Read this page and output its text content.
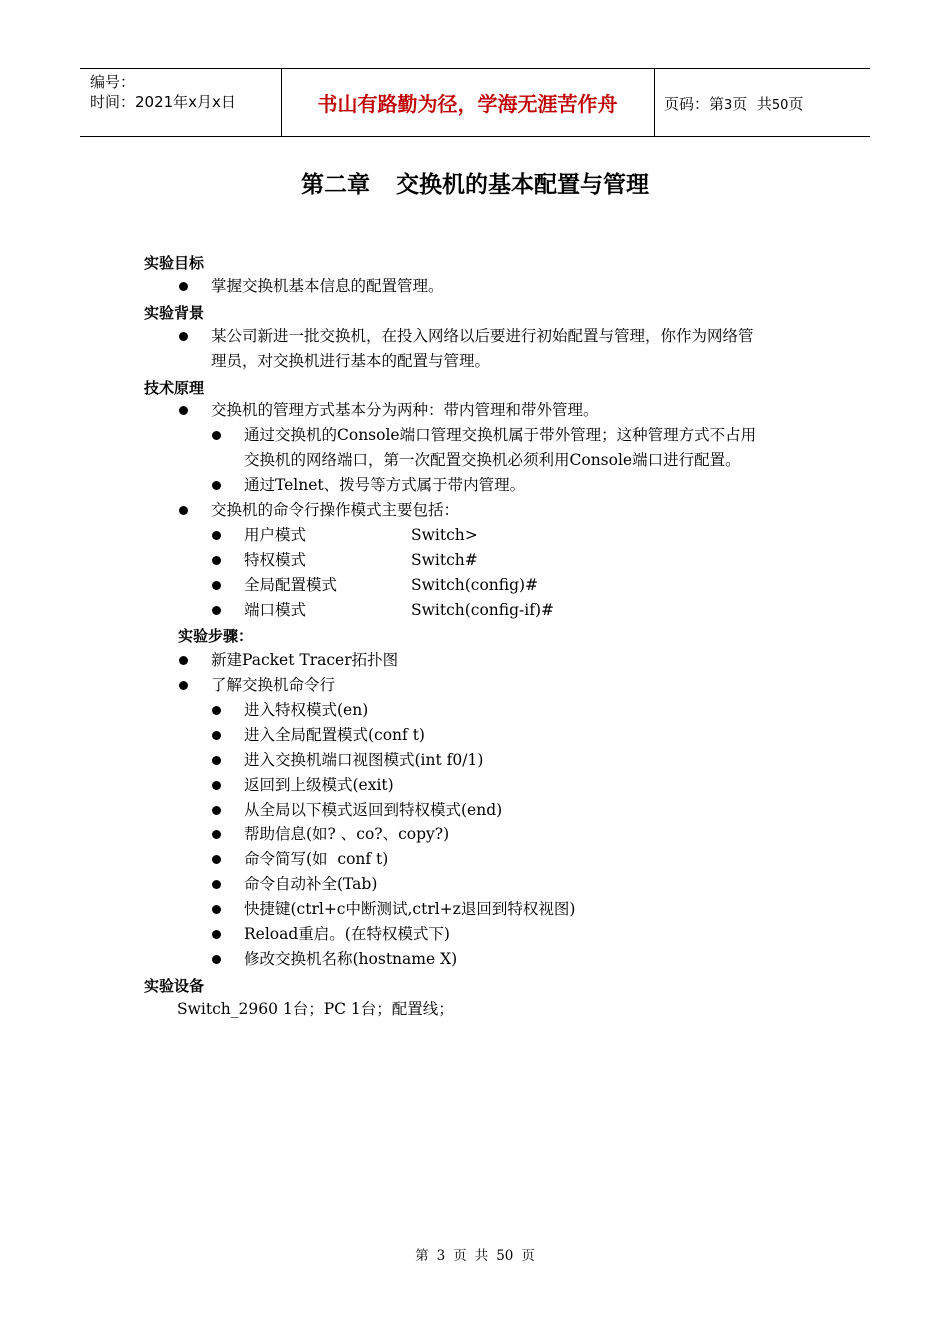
编号：
时间：2021年x月x日	书山有路勤为径，学海无涯苦作舟	页码：第3页  共50页
第二章 交换机的基本配置与管理
实验目标
掌握交换机基本信息的配置管理。
实验背景
某公司新进一批交换机，在投入网络以后要进行初始配置与管理，你作为网络管
理员，对交换机进行基本的配置与管理。
技术原理
交换机的管理方式基本分为两种：带内管理和带外管理。
通过交换机的Console端口管理交换机属于带外管理；这种管理方式不占用
交换机的网络端口，第一次配置交换机必须利用Console端口进行配置。
通过Telnet、拨号等方式属于带内管理。
交换机的命令行操作模式主要包括：
用户模式	Switch>
特权模式	Switch#
全局配置模式	Switch(config)#
端口模式	Switch(config-if)#
实验步骤：
新建Packet Tracer拓扑图
了解交换机命令行
进入特权模式(en)
进入全局配置模式(conf t)
进入交换机端口视图模式(int f0/1)
返回到上级模式(exit)
从全局以下模式返回到特权模式(end)
帮助信息(如? 、co?、copy?)
命令简写(如  conf t)
命令自动补全(Tab)
快捷键(ctrl+c中断测试,ctrl+z退回到特权视图)
Reload重启。(在特权模式下)
修改交换机名称(hostname X)
实验设备
Switch_2960 1台；PC 1台；配置线；
第 3 页 共 50 页
